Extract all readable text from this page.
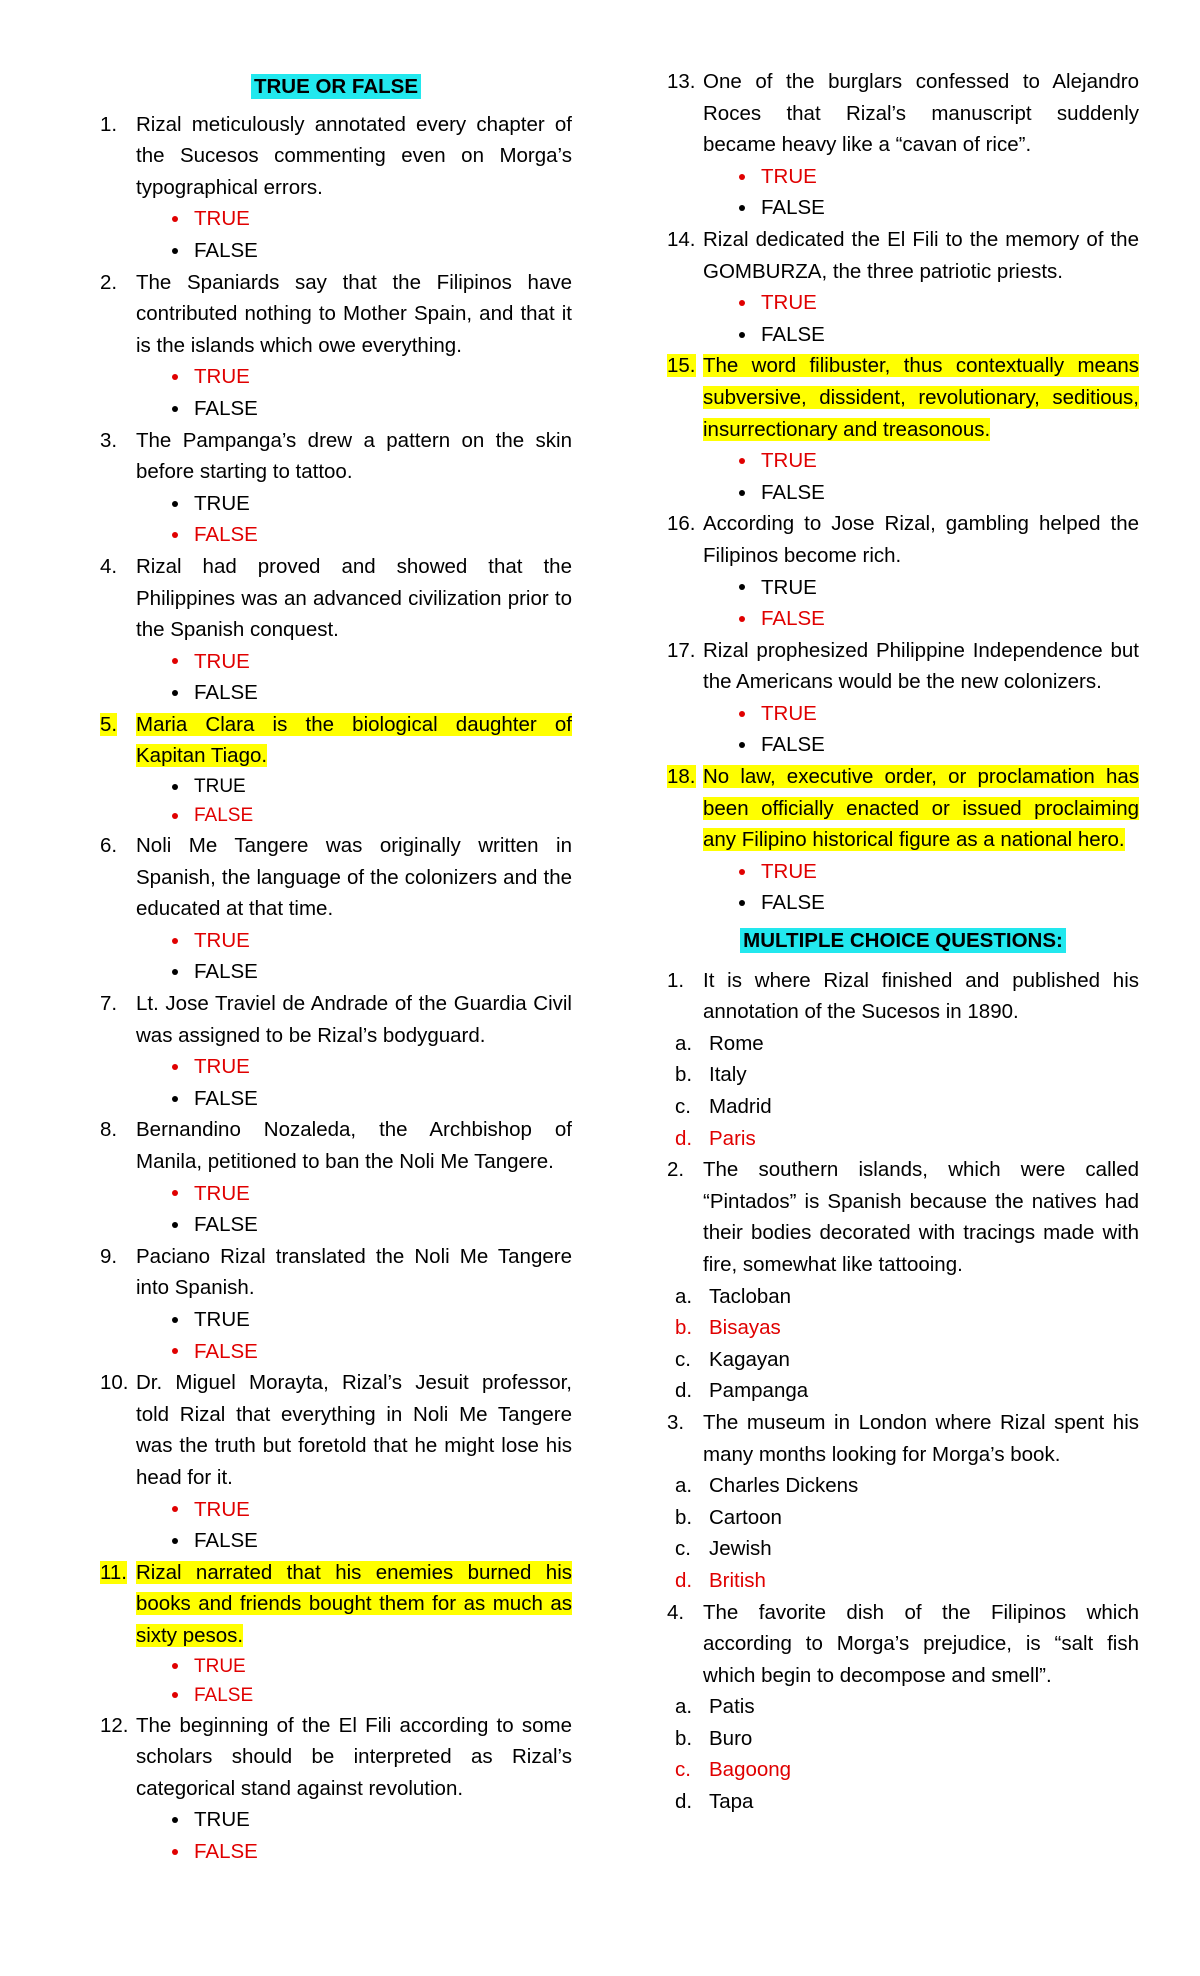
TRUE OR FALSE
1. Rizal meticulously annotated every chapter of the Sucesos commenting even on Morga’s typographical errors.
TRUE
FALSE
2. The Spaniards say that the Filipinos have contributed nothing to Mother Spain, and that it is the islands which owe everything.
TRUE
FALSE
3. The Pampanga’s drew a pattern on the skin before starting to tattoo.
TRUE
FALSE
4. Rizal had proved and showed that the Philippines was an advanced civilization prior to the Spanish conquest.
TRUE
FALSE
5. Maria Clara is the biological daughter of Kapitan Tiago.
TRUE
FALSE
6. Noli Me Tangere was originally written in Spanish, the language of the colonizers and the educated at that time.
TRUE
FALSE
7. Lt. Jose Traviel de Andrade of the Guardia Civil was assigned to be Rizal’s bodyguard.
TRUE
FALSE
8. Bernandino Nozaleda, the Archbishop of Manila, petitioned to ban the Noli Me Tangere.
TRUE
FALSE
9. Paciano Rizal translated the Noli Me Tangere into Spanish.
TRUE
FALSE
10. Dr. Miguel Morayta, Rizal’s Jesuit professor, told Rizal that everything in Noli Me Tangere was the truth but foretold that he might lose his head for it.
TRUE
FALSE
11. Rizal narrated that his enemies burned his books and friends bought them for as much as sixty pesos.
TRUE
FALSE
12. The beginning of the El Fili according to some scholars should be interpreted as Rizal’s categorical stand against revolution.
TRUE
FALSE
13. One of the burglars confessed to Alejandro Roces that Rizal’s manuscript suddenly became heavy like a “cavan of rice”.
TRUE
FALSE
14. Rizal dedicated the El Fili to the memory of the GOMBURZA, the three patriotic priests.
TRUE
FALSE
15. The word filibuster, thus contextually means subversive, dissident, revolutionary, seditious, insurrectionary and treasonous.
TRUE
FALSE
16. According to Jose Rizal, gambling helped the Filipinos become rich.
TRUE
FALSE
17. Rizal prophesized Philippine Independence but the Americans would be the new colonizers.
TRUE
FALSE
18. No law, executive order, or proclamation has been officially enacted or issued proclaiming any Filipino historical figure as a national hero.
TRUE
FALSE
MULTIPLE CHOICE QUESTIONS:
1. It is where Rizal finished and published his annotation of the Sucesos in 1890.
a. Rome
b. Italy
c. Madrid
d. Paris
2. The southern islands, which were called “Pintados” is Spanish because the natives had their bodies decorated with tracings made with fire, somewhat like tattooing.
a. Tacloban
b. Bisayas
c. Kagayan
d. Pampanga
3. The museum in London where Rizal spent his many months looking for Morga’s book.
a. Charles Dickens
b. Cartoon
c. Jewish
d. British
4. The favorite dish of the Filipinos which according to Morga’s prejudice, is “salt fish which begin to decompose and smell”.
a. Patis
b. Buro
c. Bagoong
d. Tapa
